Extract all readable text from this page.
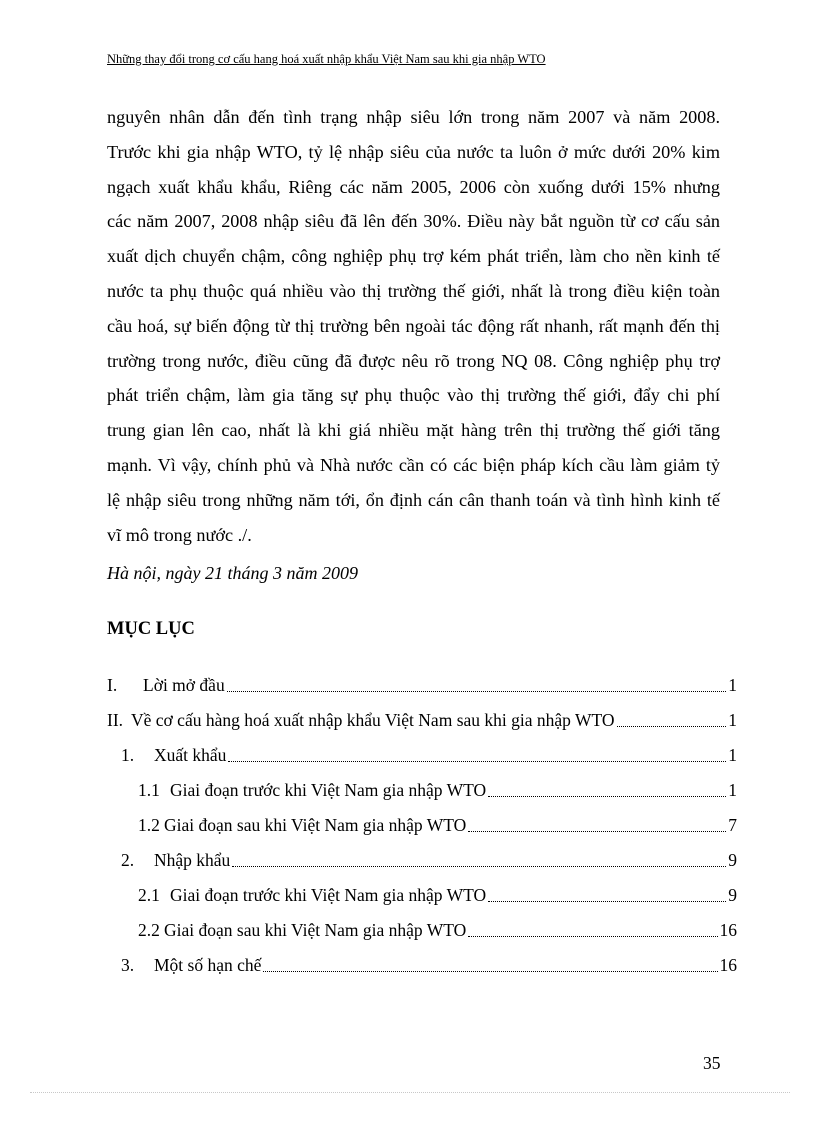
Những thay đổi trong cơ cấu hang hoá xuất nhập khẩu Việt Nam sau khi gia nhập WTO
nguyên nhân dẫn đến tình trạng nhập siêu lớn trong năm 2007 và năm 2008.
Trước khi gia nhập WTO, tỷ lệ nhập siêu của nước ta luôn ở mức dưới 20% kim
ngạch xuất khẩu khẩu, Riêng các năm 2005, 2006 còn xuống dưới 15% nhưng
các năm 2007, 2008 nhập siêu đã lên đến 30%. Điều này bắt nguồn từ cơ cấu sản
xuất dịch chuyển chậm, công nghiệp phụ trợ kém phát triển, làm cho nền kinh tế
nước ta phụ thuộc quá nhiều vào thị trường thế giới, nhất là trong điều kiện toàn
cầu hoá, sự biến động từ thị trường bên ngoài tác động rất nhanh, rất mạnh đến thị
trường trong nước, điều cũng đã được nêu rõ trong NQ 08. Công nghiệp phụ trợ
phát triển chậm, làm gia tăng sự phụ thuộc vào thị trường thế giới, đẩy chi phí
trung gian lên cao, nhất là khi giá nhiều mặt hàng trên thị trường thế giới tăng
mạnh. Vì vậy, chính phủ và Nhà nước cần có các biện pháp kích cầu làm giảm tỷ
lệ nhập siêu trong những năm tới, ổn định cán cân thanh toán và tình hình kinh tế
vĩ mô trong nước ./.
Hà nội, ngày 21 tháng 3 năm 2009
MỤC LỤC
I.	Lời mở đầu	1
II. Về cơ cấu hàng hoá xuất nhập khẩu Việt Nam sau khi gia nhập WTO	1
1.	Xuất khẩu	1
1.1 Giai đoạn trước khi Việt Nam gia nhập WTO	1
1.2 Giai đoạn sau khi Việt Nam gia nhập WTO	7
2.	Nhập khẩu	9
2.1 Giai đoạn trước khi Việt Nam gia nhập WTO	9
2.2 Giai đoạn sau khi Việt Nam gia nhập WTO	16
3.	Một số hạn chế	16
35
